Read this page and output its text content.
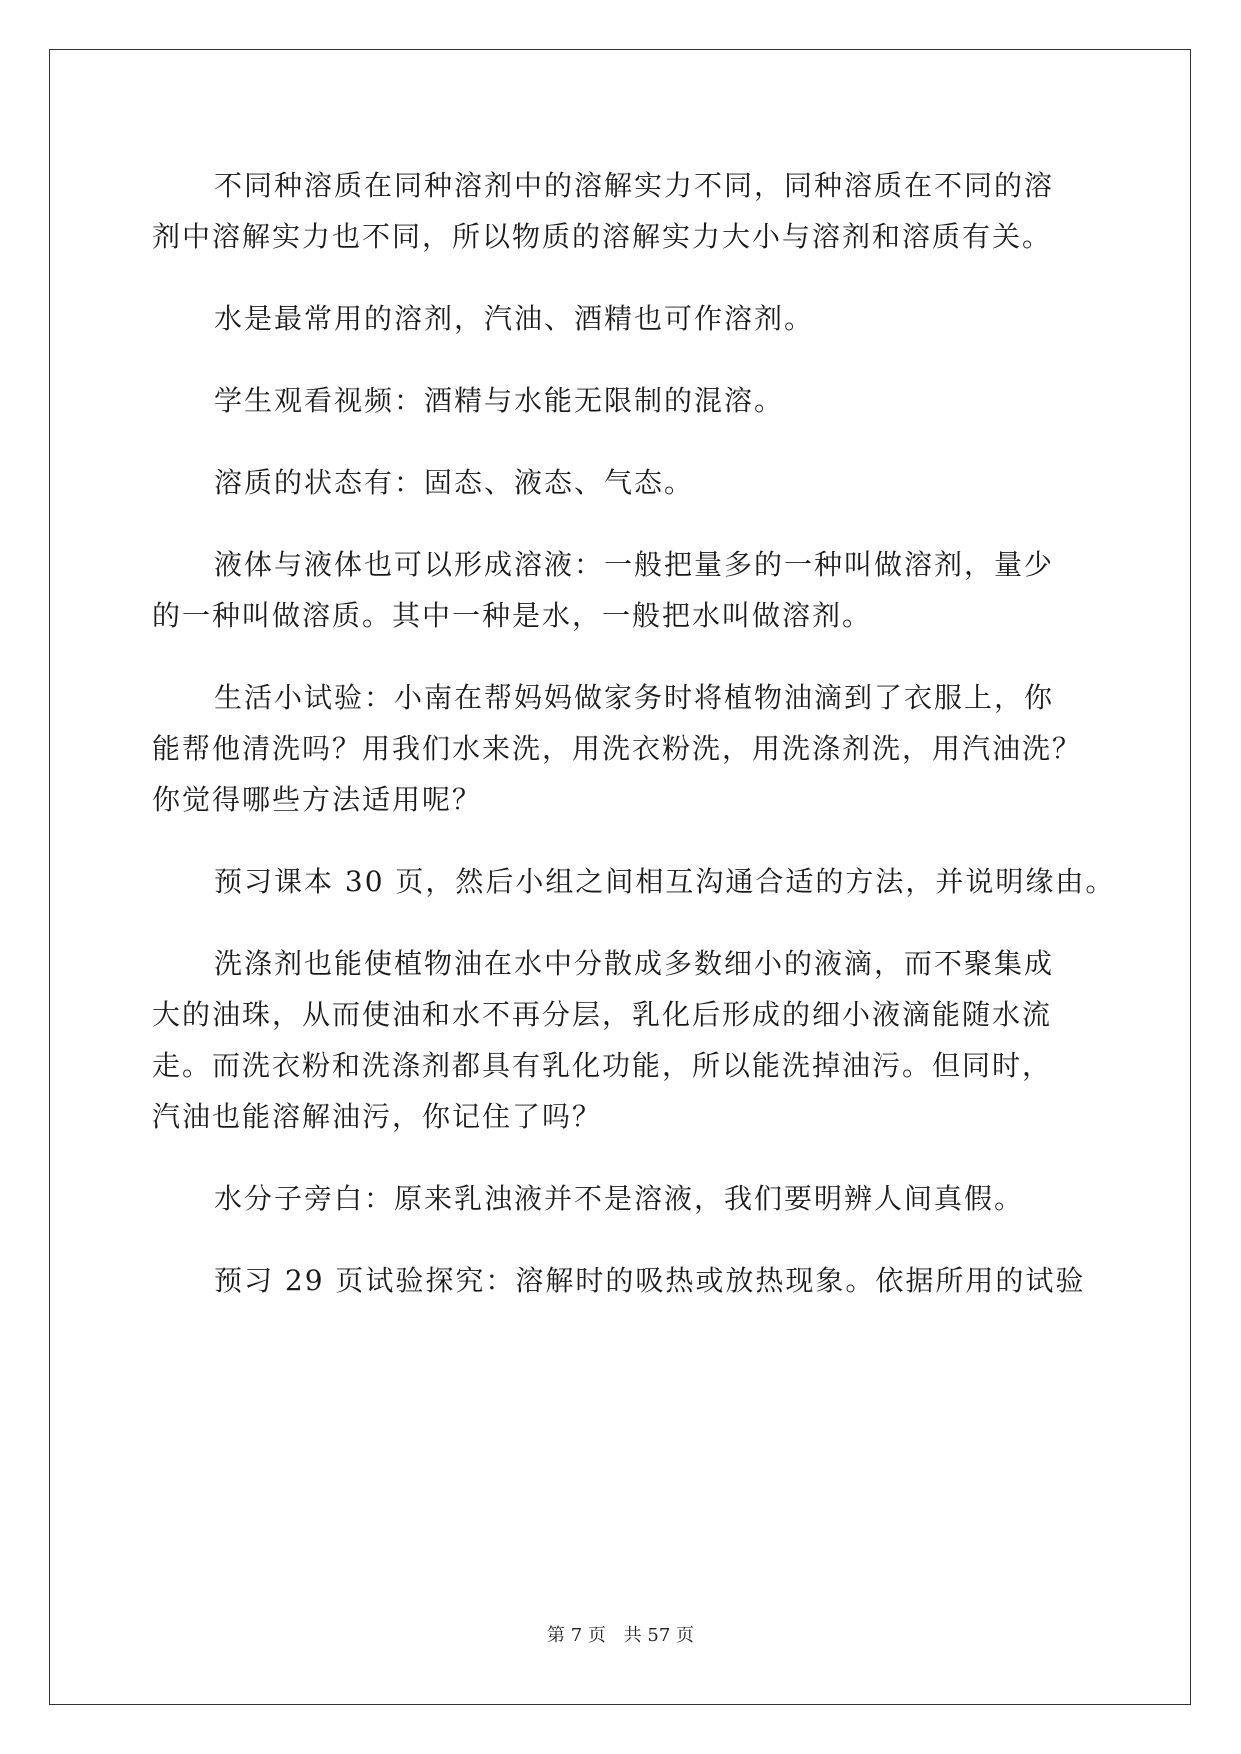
不同种溶质在同种溶剂中的溶解实力不同，同种溶质在不同的溶
剂中溶解实力也不同，所以物质的溶解实力大小与溶剂和溶质有关。

水是最常用的溶剂，汽油、酒精也可作溶剂。

学生观看视频：酒精与水能无限制的混溶。

溶质的状态有：固态、液态、气态。

液体与液体也可以形成溶液：一般把量多的一种叫做溶剂，量少
的一种叫做溶质。其中一种是水，一般把水叫做溶剂。

生活小试验：小南在帮妈妈做家务时将植物油滴到了衣服上，你
能帮他清洗吗？用我们水来洗，用洗衣粉洗，用洗涤剂洗，用汽油洗？
你觉得哪些方法适用呢？

预习课本 30 页，然后小组之间相互沟通合适的方法，并说明缘由。

洗涤剂也能使植物油在水中分散成多数细小的液滴，而不聚集成
大的油珠，从而使油和水不再分层，乳化后形成的细小液滴能随水流
走。而洗衣粉和洗涤剂都具有乳化功能，所以能洗掉油污。但同时，
汽油也能溶解油污，你记住了吗？

水分子旁白：原来乳浊液并不是溶液，我们要明辨人间真假。

预习 29 页试验探究：溶解时的吸热或放热现象。依据所用的试验

第 7 页 共 57 页
